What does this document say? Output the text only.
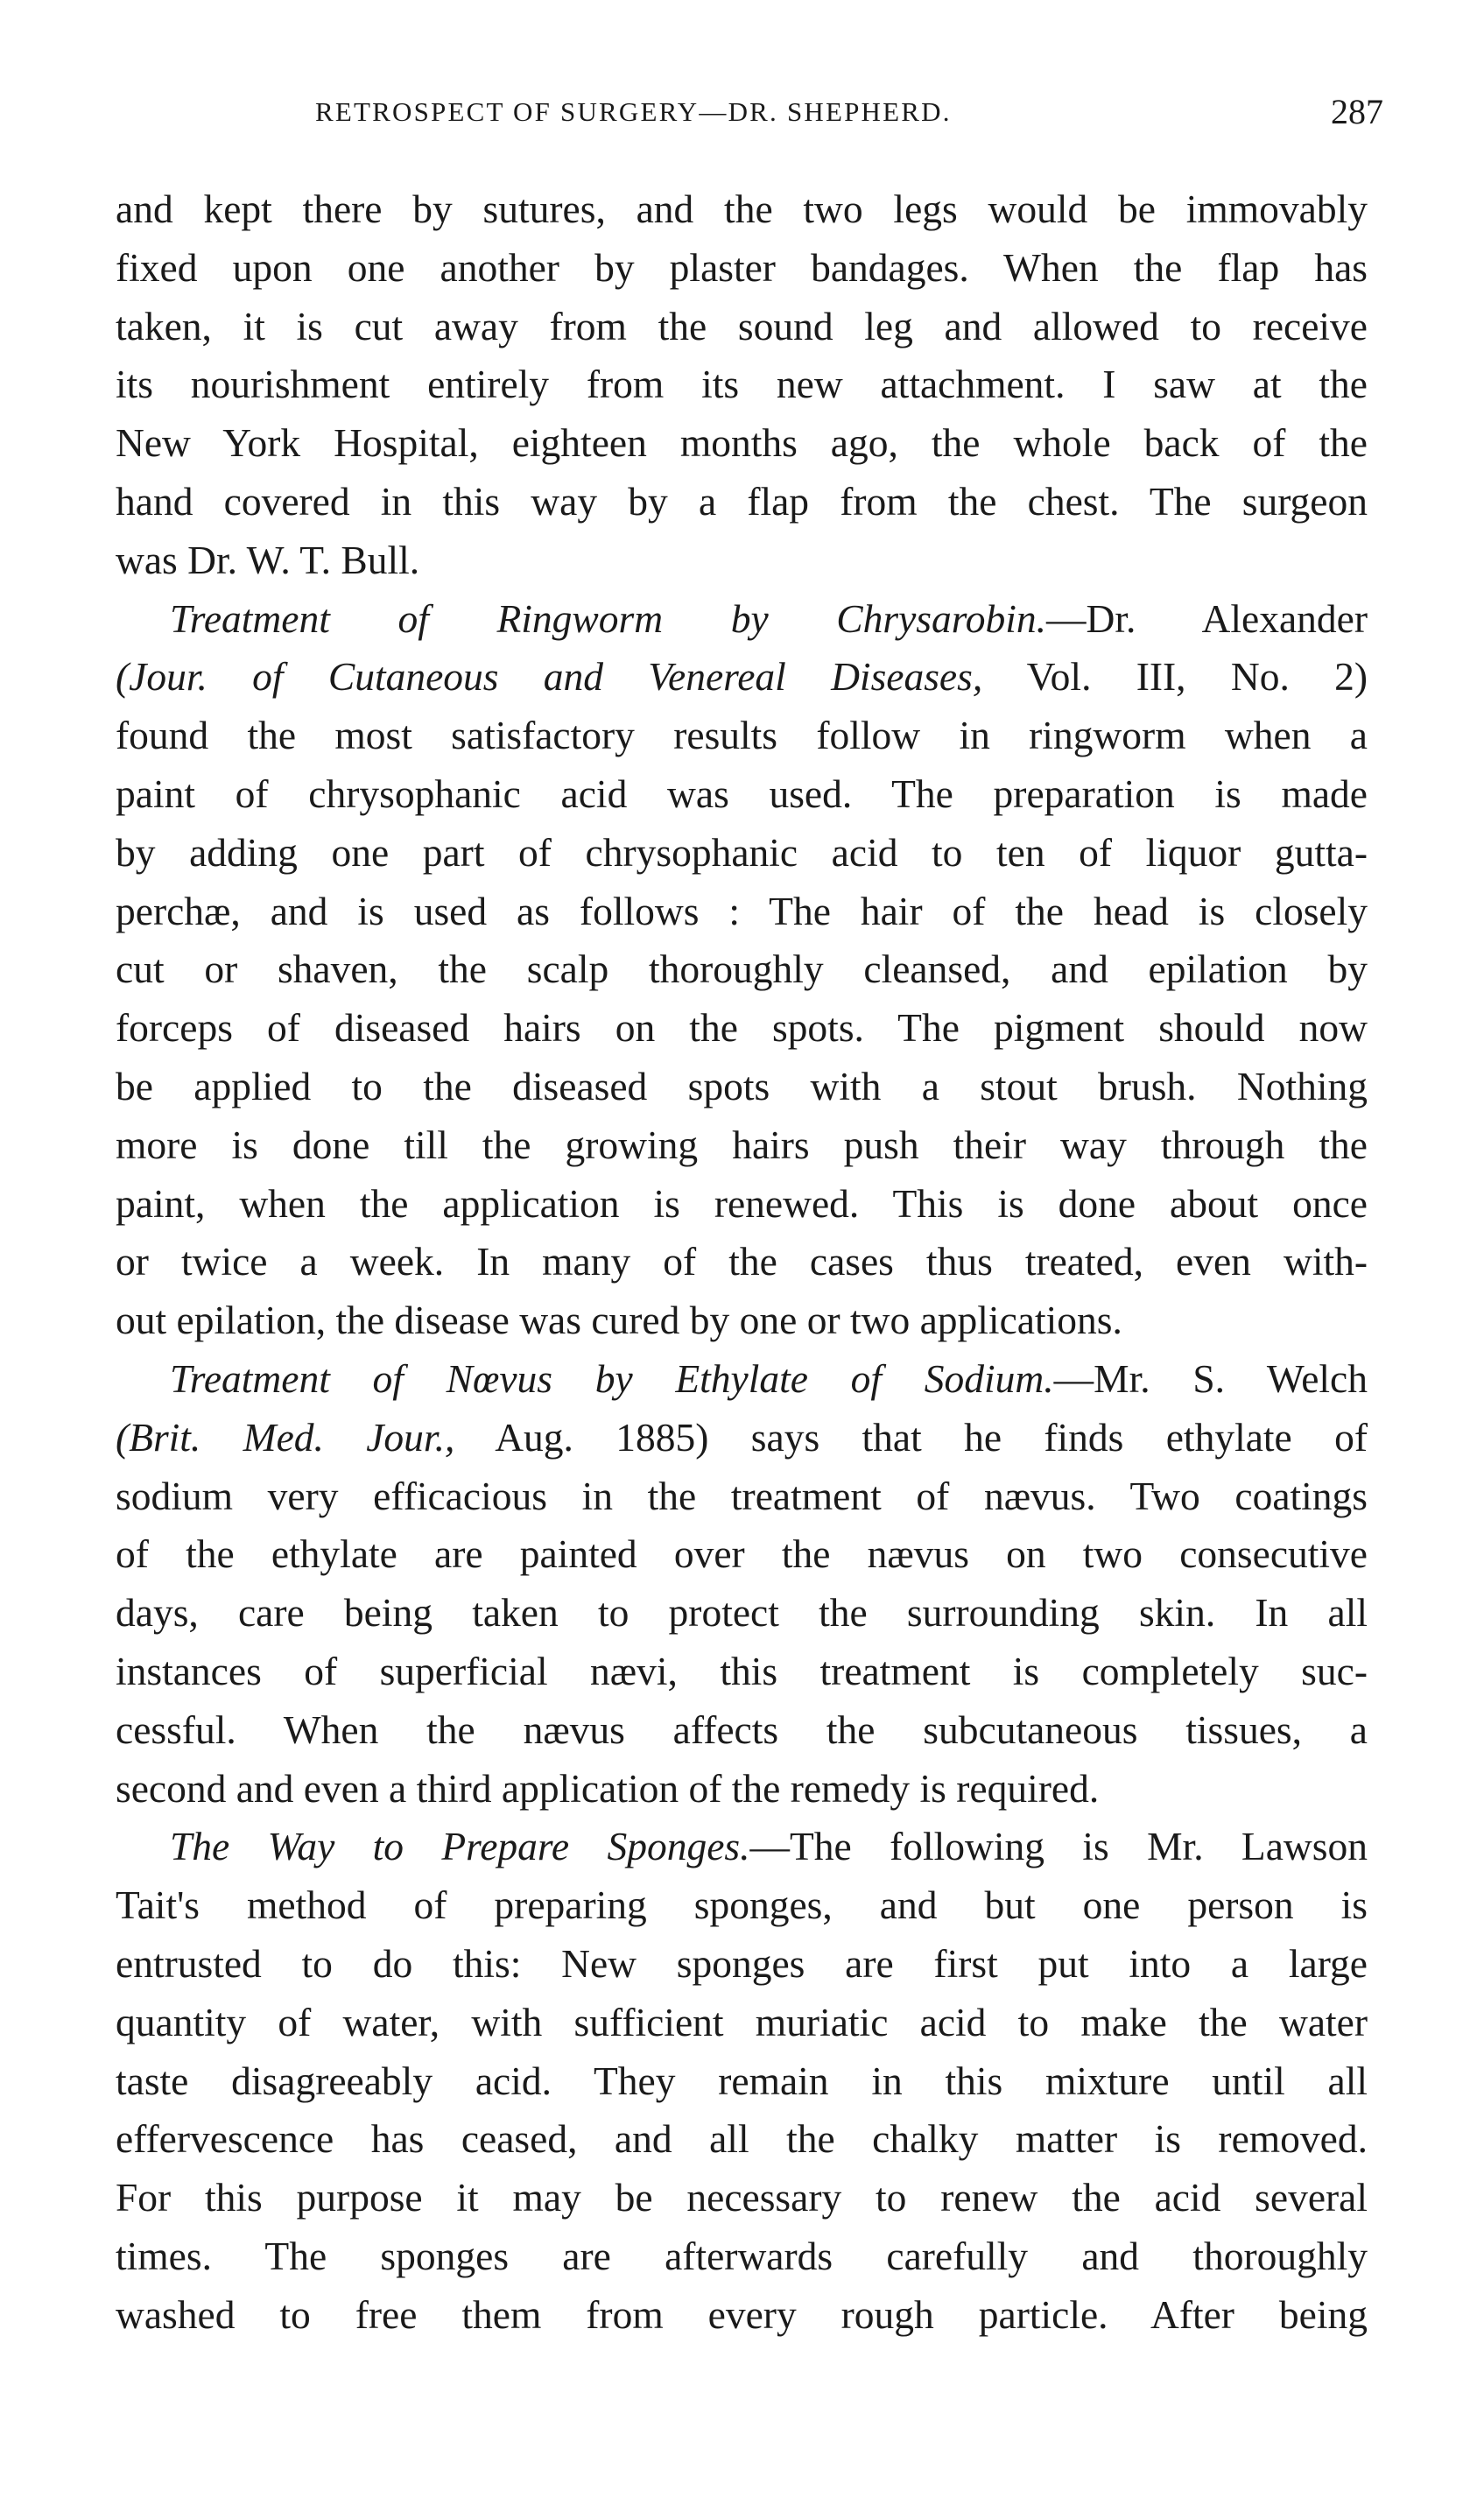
RETROSPECT OF SURGERY—DR. SHEPHERD.	287
and kept there by sutures, and the two legs would be immovably
fixed upon one another by plaster bandages. When the flap has
taken, it is cut away from the sound leg and allowed to receive
its nourishment entirely from its new attachment. I saw at the
New York Hospital, eighteen months ago, the whole back of the
hand covered in this way by a flap from the chest. The surgeon
was Dr. W. T. Bull.
Treatment of Ringworm by Chrysarobin.—Dr. Alexander
(Jour. of Cutaneous and Venereal Diseases, Vol. III, No. 2)
found the most satisfactory results follow in ringworm when a
paint of chrysophanic acid was used. The preparation is made
by adding one part of chrysophanic acid to ten of liquor gutta-
perchæ, and is used as follows : The hair of the head is closely
cut or shaven, the scalp thoroughly cleansed, and epilation by
forceps of diseased hairs on the spots. The pigment should now
be applied to the diseased spots with a stout brush. Nothing
more is done till the growing hairs push their way through the
paint, when the application is renewed. This is done about once
or twice a week. In many of the cases thus treated, even with-
out epilation, the disease was cured by one or two applications.
Treatment of Nœvus by Ethylate of Sodium.—Mr. S. Welch
(Brit. Med. Jour., Aug. 1885) says that he finds ethylate of
sodium very efficacious in the treatment of nævus. Two coatings
of the ethylate are painted over the nævus on two consecutive
days, care being taken to protect the surrounding skin. In all
instances of superficial nævi, this treatment is completely suc-
cessful. When the nævus affects the subcutaneous tissues, a
second and even a third application of the remedy is required.
The Way to Prepare Sponges.—The following is Mr. Lawson
Tait's method of preparing sponges, and but one person is
entrusted to do this: New sponges are first put into a large
quantity of water, with sufficient muriatic acid to make the water
taste disagreeably acid. They remain in this mixture until all
effervescence has ceased, and all the chalky matter is removed.
For this purpose it may be necessary to renew the acid several
times. The sponges are afterwards carefully and thoroughly
washed to free them from every rough particle. After being
